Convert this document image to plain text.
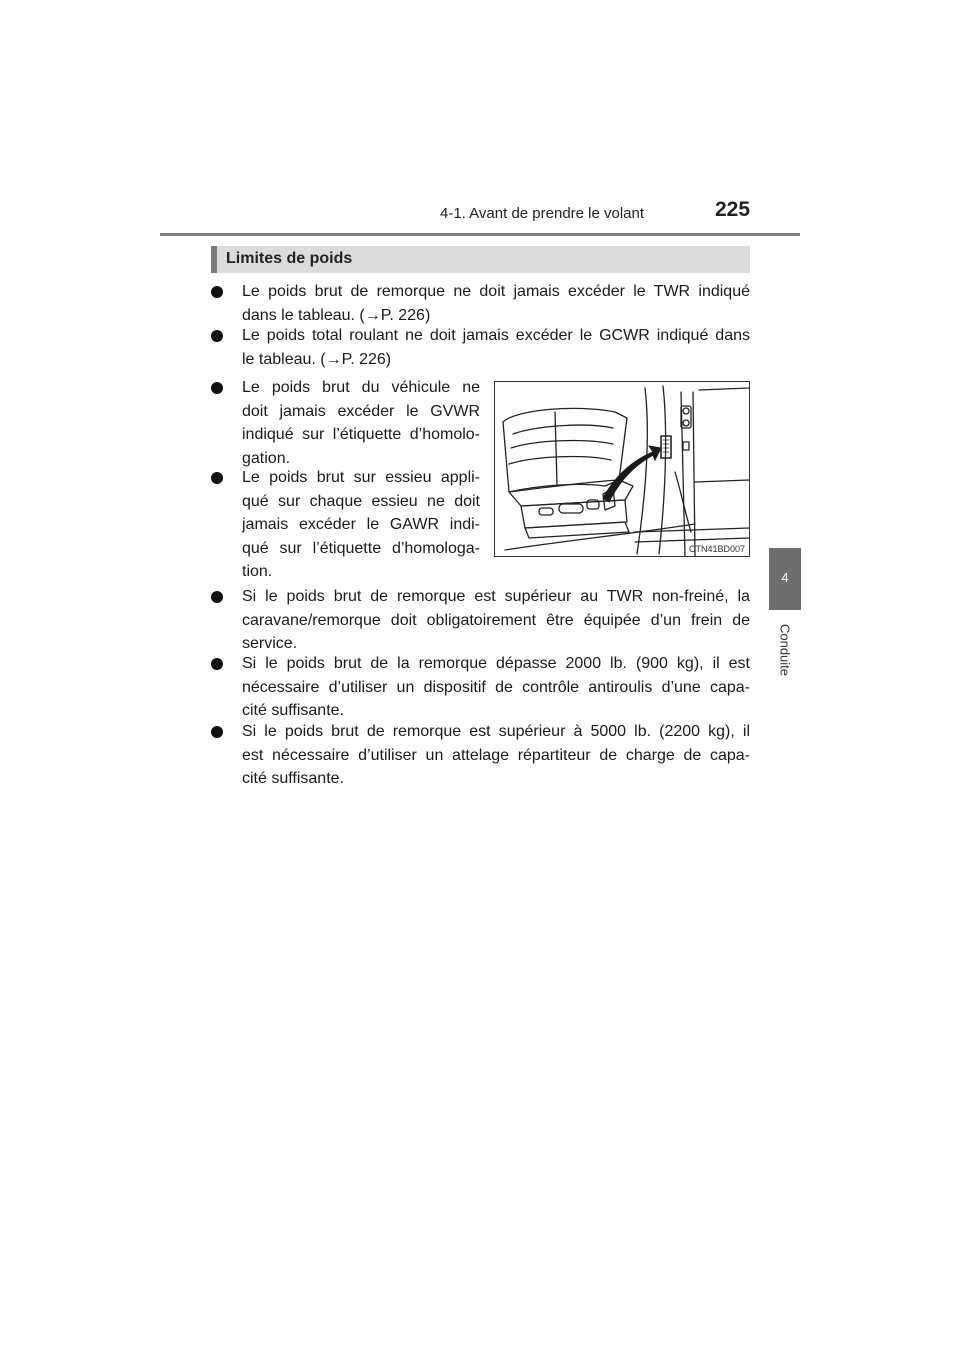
4-1. Avant de prendre le volant	225
4
Conduite
Limites de poids
Le poids brut de remorque ne doit jamais excéder le TWR indiqué
dans le tableau. (→P. 226)
Le poids total roulant ne doit jamais excéder le GCWR indiqué dans
le tableau. (→P. 226)
Le poids brut du véhicule ne
doit jamais excéder le GVWR
indiqué sur l’étiquette d’homolo-
gation.
Le poids brut sur essieu appli-
qué sur chaque essieu ne doit
jamais excéder le GAWR indi-
qué sur l’étiquette d’homologa-
tion.
Si le poids brut de remorque est supérieur au TWR non-freiné, la
caravane/remorque doit obligatoirement être équipée d’un frein de
service.
Si le poids brut de la remorque dépasse 2000 lb. (900 kg), il est
nécessaire d’utiliser un dispositif de contrôle antiroulis d’une capa-
cité suffisante.
Si le poids brut de remorque est supérieur à 5000 lb. (2200 kg), il
est nécessaire d’utiliser un attelage répartiteur de charge de capa-
cité suffisante.
CTN41BD007
